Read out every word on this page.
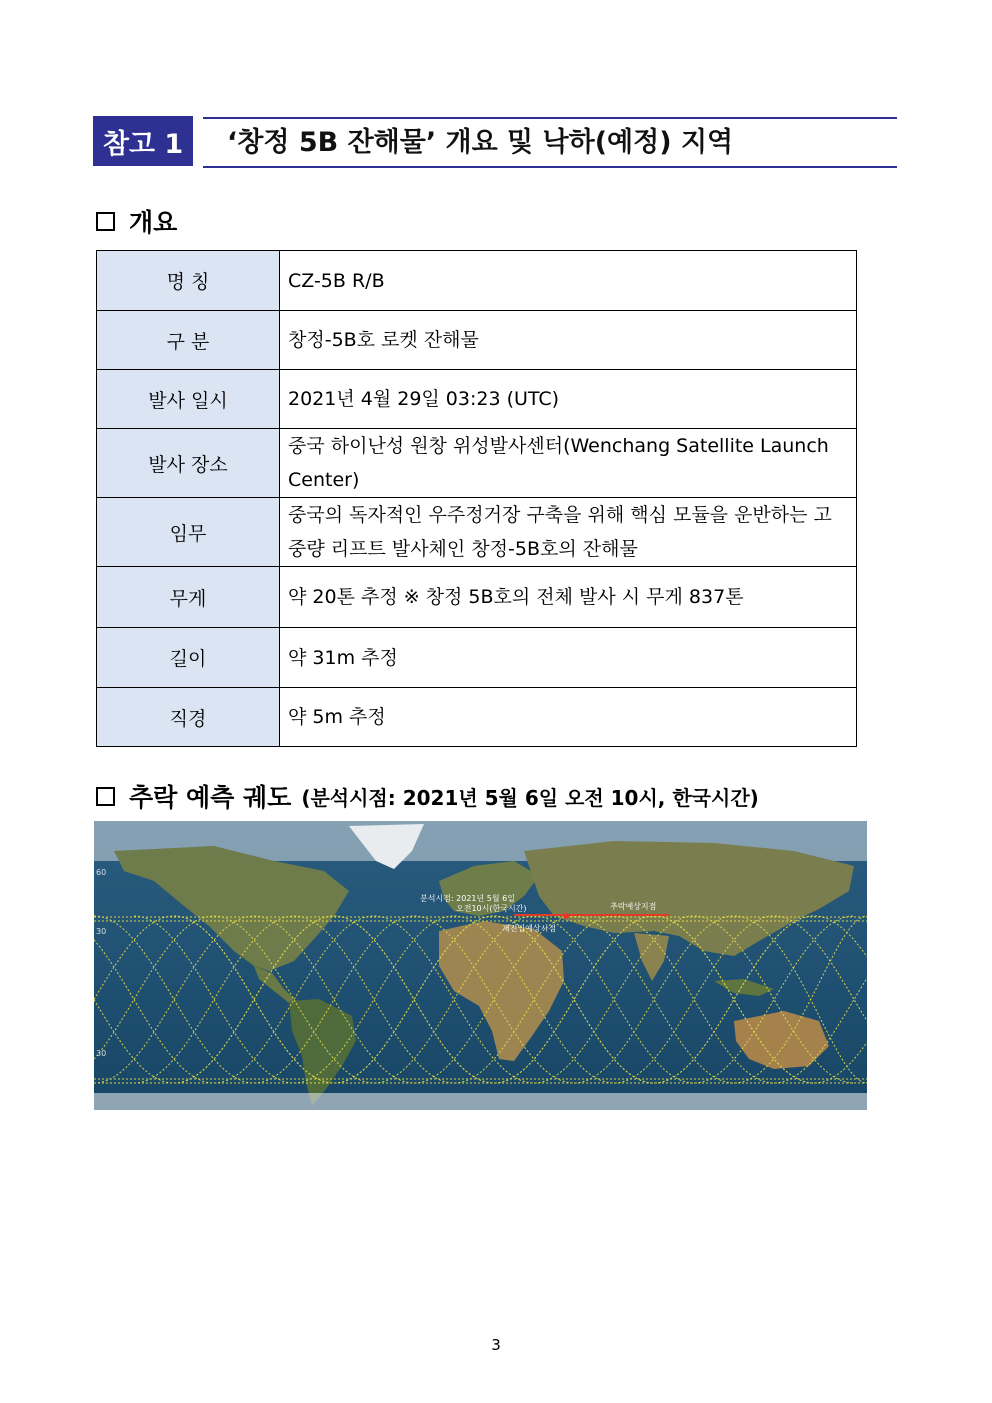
참고 1	‘창정 5B 잔해물’ 개요 및 낙하(예정) 지역
개요
명 칭	CZ-5B R/B
구 분	창정-5B호 로켓 잔해물
발사 일시	2021년 4월 29일 03:23 (UTC)
발사 장소	중국 하이난성 원창 위성발사센터(Wenchang Satellite Launch Center)
임무	중국의 독자적인 우주정거장 구축을 위해 핵심 모듈을 운반하는 고중량 리프트 발사체인 창정-5B호의 잔해물
무게	약 20톤 추정 ※ 창정 5B호의 전체 발사 시 무게 837톤
길이	약 31m 추정
직경	약 5m 추정
추락 예측 궤도 (분석시점: 2021년 5월 6일 오전 10시, 한국시간)
60
30
30
분석시점: 2021년 5월 6일
오전10시(한국시간)	추락예상지점
재진입예상시점
3
